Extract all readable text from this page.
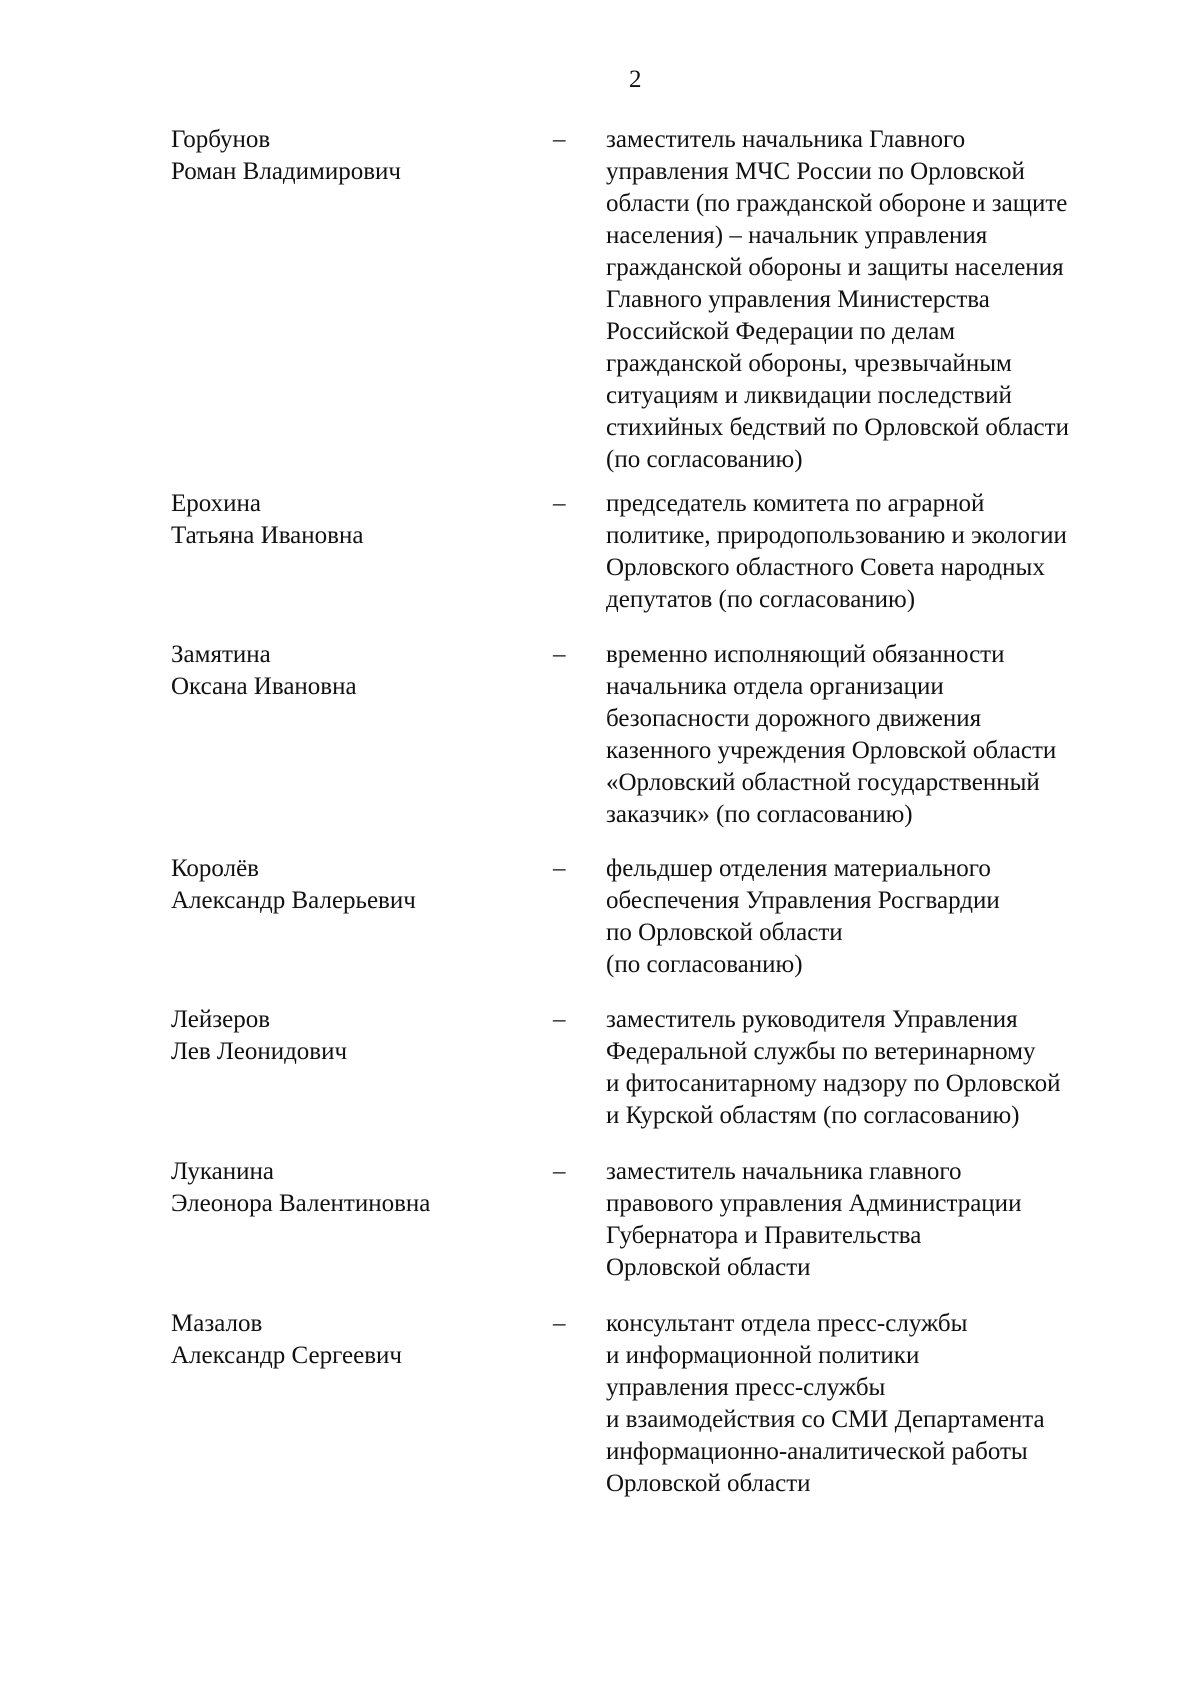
2
Горбунов
Роман Владимирович
– заместитель начальника Главного
управления МЧС России по Орловской
области (по гражданской обороне и защите
населения) – начальник управления
гражданской обороны и защиты населения
Главного управления Министерства
Российской Федерации по делам
гражданской обороны, чрезвычайным
ситуациям и ликвидации последствий
стихийных бедствий по Орловской области
(по согласованию)
Ерохина
Татьяна Ивановна
– председатель комитета по аграрной
политике, природопользованию и экологии
Орловского областного Совета народных
депутатов (по согласованию)
Замятина
Оксана Ивановна
– временно исполняющий обязанности
начальника отдела организации
безопасности дорожного движения
казенного учреждения Орловской области
«Орловский областной государственный
заказчик» (по согласованию)
Королёв
Александр Валерьевич
– фельдшер отделения материального
обеспечения Управления Росгвардии
по Орловской области
(по согласованию)
Лейзеров
Лев Леонидович
– заместитель руководителя Управления
Федеральной службы по ветеринарному
и фитосанитарному надзору по Орловской
и Курской областям (по согласованию)
Луканина
Элеонора Валентиновна
– заместитель начальника главного
правового управления Администрации
Губернатора и Правительства
Орловской области
Мазалов
Александр Сергеевич
– консультант отдела пресс-службы
и информационной политики
управления пресс-службы
и взаимодействия со СМИ Департамента
информационно-аналитической работы
Орловской области
